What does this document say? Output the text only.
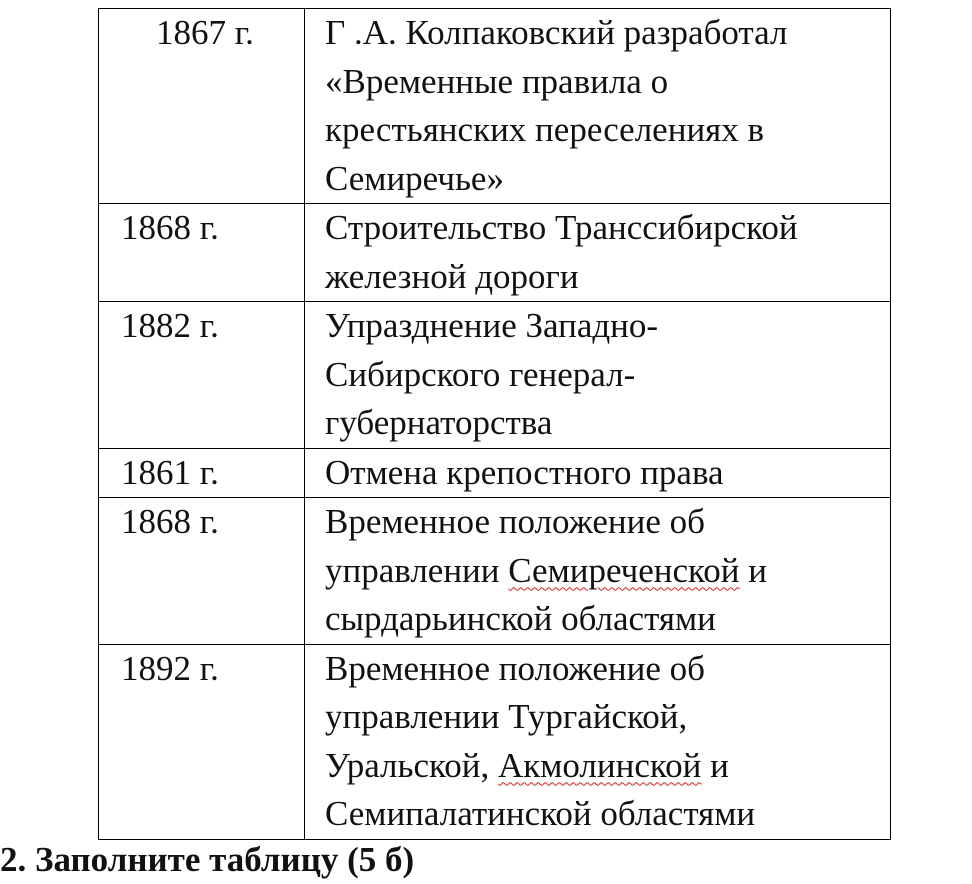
1867 г.	Г .А. Колпаковский разработал
«Временные правила о
крестьянских переселениях в
Семиречье»

1868 г.	Строительство Транссибирской
железной дороги

1882 г.	Упразднение Западно-
Сибирского генерал-
губернаторства

1861 г.	Отмена крепостного права

1868 г.	Временное положение об
управлении Семиреченской и
сырдарьинской областями

1892 г.	Временное положение об
управлении Тургайской,
Уральской, Акмолинской и
Семипалатинской областями
2. Заполните таблицу (5 б)
